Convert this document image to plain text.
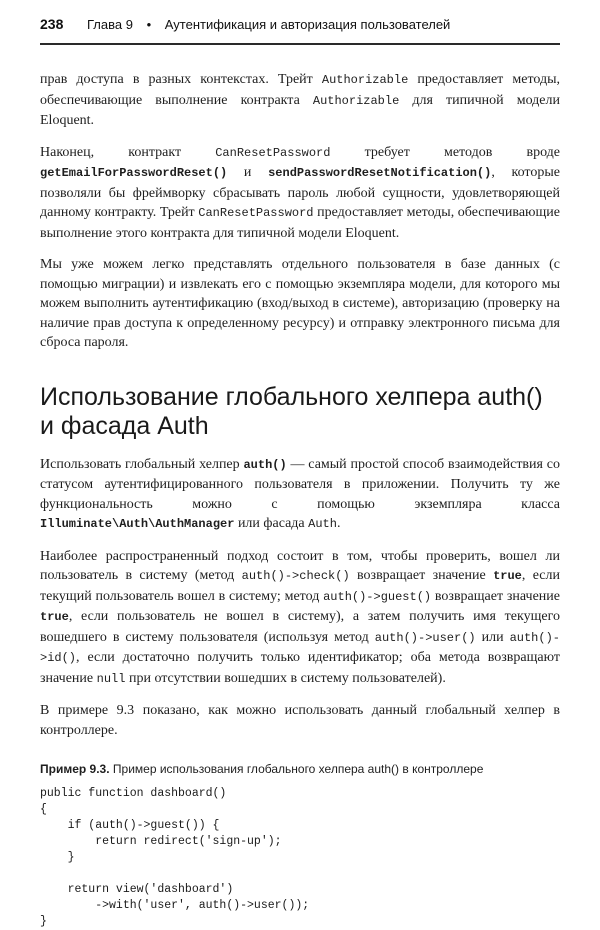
238 Глава 9 • Аутентификация и авторизация пользователей

прав доступа в разных контекстах. Трейт Authorizable предоставляет методы, обеспечивающие выполнение контракта Authorizable для типичной модели Eloquent.

Наконец, контракт CanResetPassword требует методов вроде getEmailForPasswordReset() и sendPasswordResetNotification(), которые позволяли бы фреймворку сбрасывать пароль любой сущности, удовлетворяющей данному контракту. Трейт CanResetPassword предоставляет методы, обеспечивающие выполнение этого контракта для типичной модели Eloquent.

Мы уже можем легко представлять отдельного пользователя в базе данных (с помощью миграции) и извлекать его с помощью экземпляра модели, для которого мы можем выполнить аутентификацию (вход/выход в системе), авторизацию (проверку на наличие прав доступа к определенному ресурсу) и отправку электронного письма для сброса пароля.

Использование глобального хелпера auth()
и фасада Auth

Использовать глобальный хелпер auth() — самый простой способ взаимодействия со статусом аутентифицированного пользователя в приложении. Получить ту же функциональность можно с помощью экземпляра класса Illuminate\Auth\AuthManager или фасада Auth.

Наиболее распространенный подход состоит в том, чтобы проверить, вошел ли пользователь в систему (метод auth()->check() возвращает значение true, если текущий пользователь вошел в систему; метод auth()->guest() возвращает значение true, если пользователь не вошел в систему), а затем получить имя текущего вошедшего в систему пользователя (используя метод auth()->user() или auth()->id(), если достаточно получить только идентификатор; оба метода возвращают значение null при отсутствии вошедших в систему пользователей).

В примере 9.3 показано, как можно использовать данный глобальный хелпер в контроллере.

Пример 9.3. Пример использования глобального хелпера auth() в контроллере
public function dashboard()
{
if (auth()->guest()) {
return redirect('sign-up');
}

return view('dashboard')
->with('user', auth()->user());
}
